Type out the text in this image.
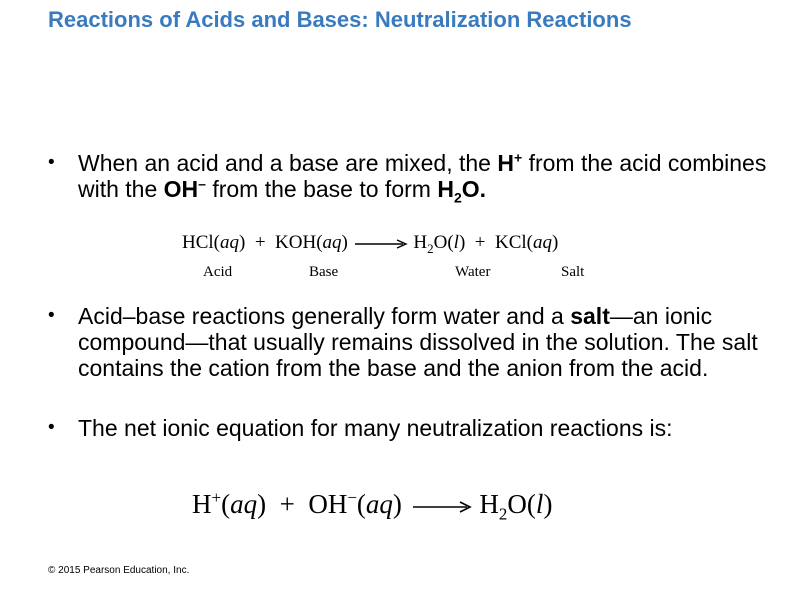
Reactions of Acids and Bases: Neutralization Reactions
•	When an acid and a base are mixed, the H+ from the acid combines with the OH– from the base to form $H_2O$.
$HCl(aq) + KOH(aq) \to H_2O(l) + KCl(aq)$
Acid	Base	Water	Salt
•	Acid–base reactions generally form water and a salt—an ionic compound—that usually remains dissolved in the solution. The salt contains the cation from the base and the anion from the acid.
•	The net ionic equation for many neutralization reactions is:
$H^+(aq) + OH^-(aq) \to H_2O(l)$
© 2015 Pearson Education, Inc.
